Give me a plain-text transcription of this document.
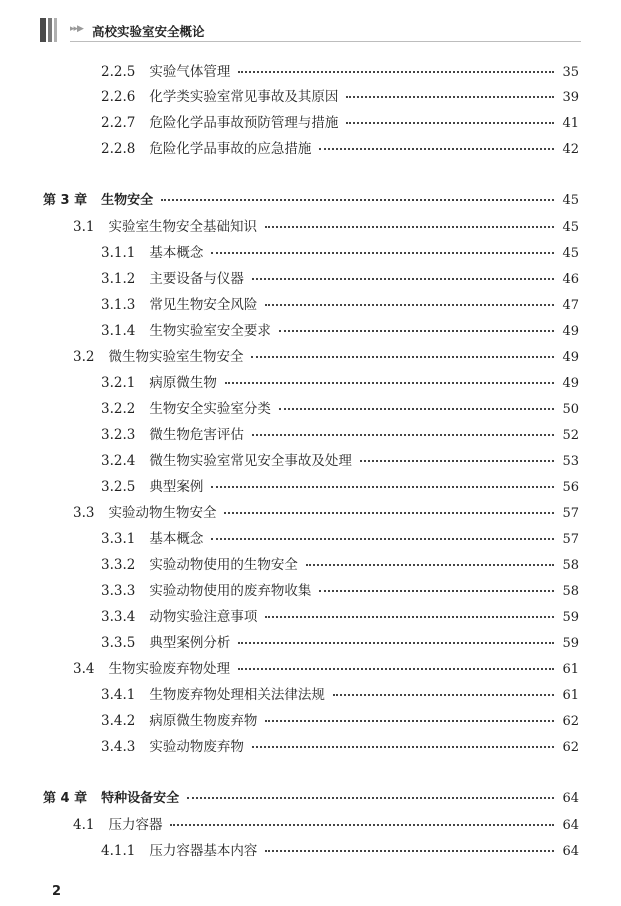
▸▸▶ 高校实验室安全概论
2.2.5 实验气体管理	35
2.2.6 化学类实验室常见事故及其原因	39
2.2.7 危险化学品事故预防管理与措施	41
2.2.8 危险化学品事故的应急措施	42
第 3 章 生物安全	45
3.1 实验室生物安全基础知识	45
3.1.1 基本概念	45
3.1.2 主要设备与仪器	46
3.1.3 常见生物安全风险	47
3.1.4 生物实验室安全要求	49
3.2 微生物实验室生物安全	49
3.2.1 病原微生物	49
3.2.2 生物安全实验室分类	50
3.2.3 微生物危害评估	52
3.2.4 微生物实验室常见安全事故及处理	53
3.2.5 典型案例	56
3.3 实验动物生物安全	57
3.3.1 基本概念	57
3.3.2 实验动物使用的生物安全	58
3.3.3 实验动物使用的废弃物收集	58
3.3.4 动物实验注意事项	59
3.3.5 典型案例分析	59
3.4 生物实验废弃物处理	61
3.4.1 生物废弃物处理相关法律法规	61
3.4.2 病原微生物废弃物	62
3.4.3 实验动物废弃物	62
第 4 章 特种设备安全	64
4.1 压力容器	64
4.1.1 压力容器基本内容	64
2
